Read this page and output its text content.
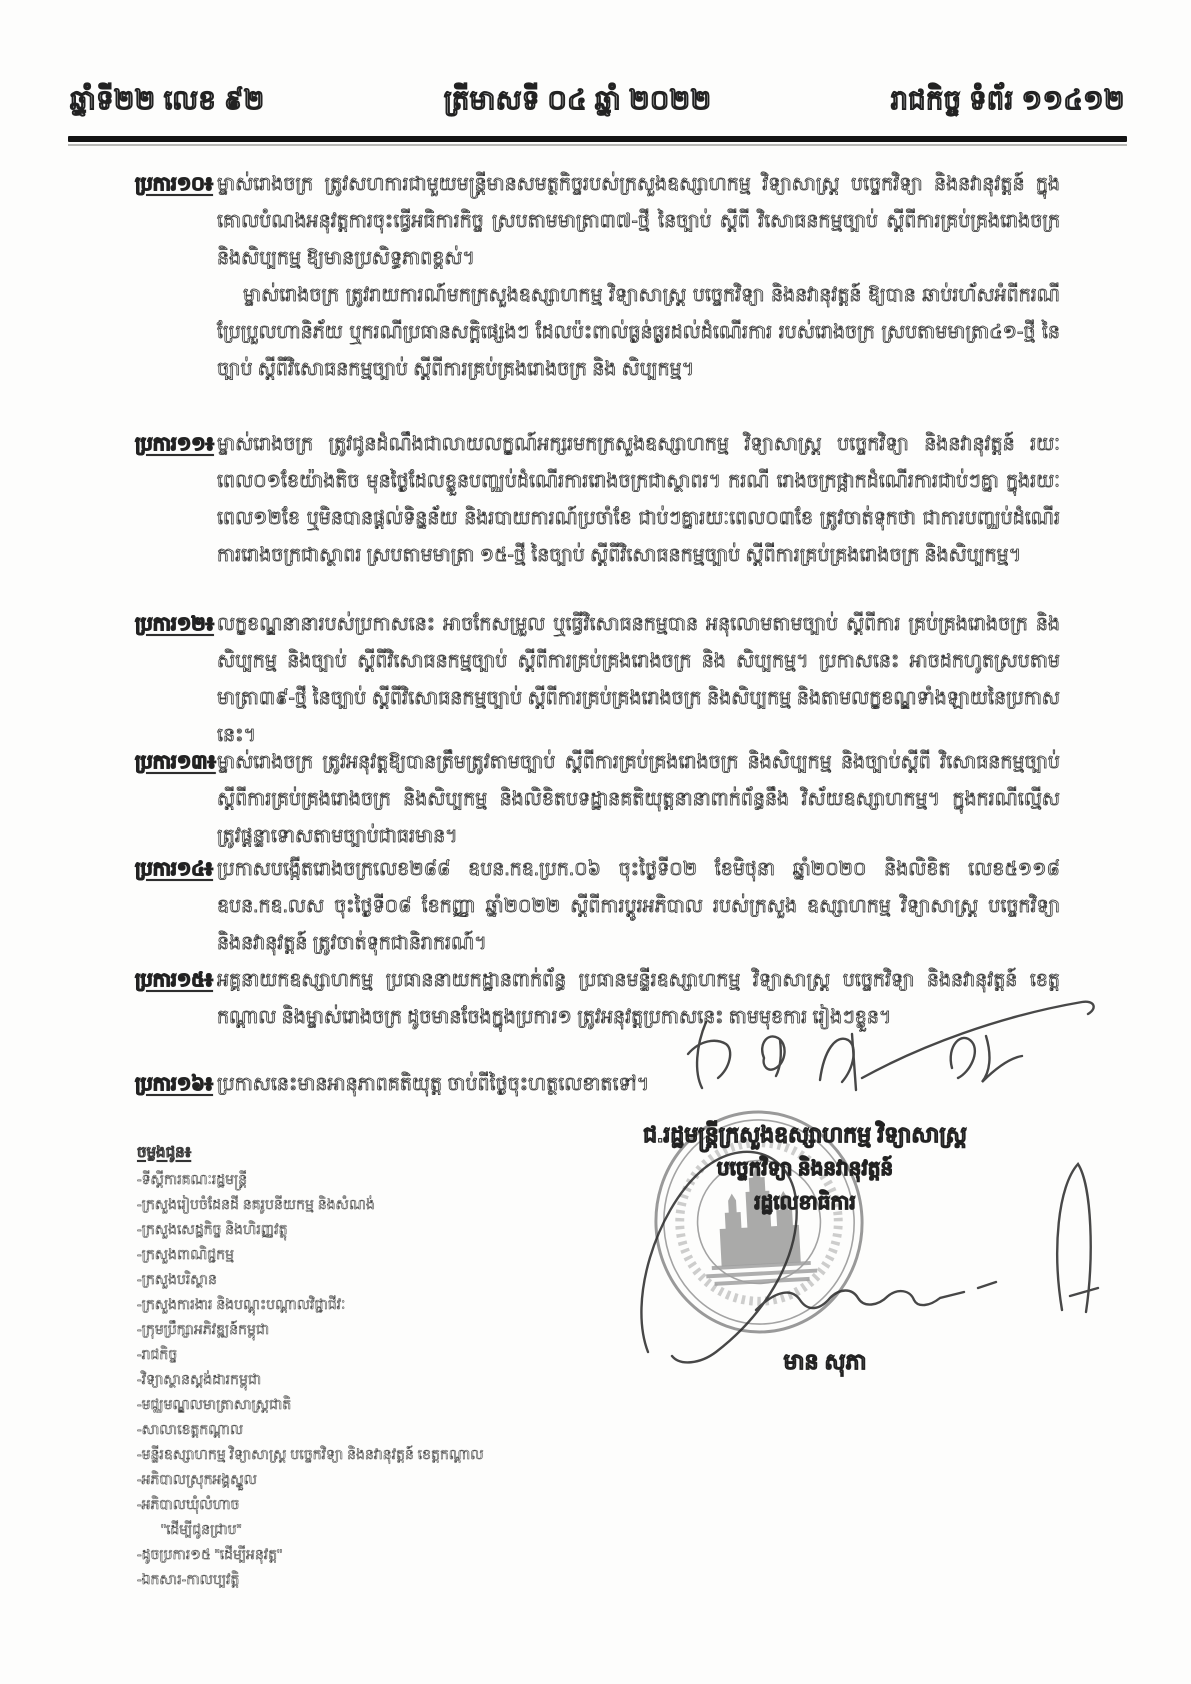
ឆ្នាំទី២២ លេខ ៩២	ត្រីមាសទី ០៤ ឆ្នាំ ២០២២	រាជកិច្ច ទំព័រ ១១៤១២
ប្រការ១០៖ ម្ចាស់រោងចក្រ ត្រូវសហការជាមួយមន្ត្រីមានសមត្ថកិច្ចរបស់ក្រសួងឧស្សាហកម្ម វិទ្យាសាស្ត្រ បច្ចេកវិទ្យា និងនវានុវត្តន៍ ក្នុងគោលបំណងអនុវត្តការចុះធ្វើអធិការកិច្ច ស្របតាមមាត្រា៣៧-ថ្មី នៃច្បាប់ ស្ដីពី វិសោធនកម្មច្បាប់ ស្ដីពីការគ្រប់គ្រងរោងចក្រ និងសិប្បកម្ម ឱ្យមានប្រសិទ្ធភាពខ្ពស់។

ម្ចាស់រោងចក្រ ត្រូវរាយការណ៍មកក្រសួងឧស្សាហកម្ម វិទ្យាសាស្ត្រ បច្ចេកវិទ្យា និងនវានុវត្តន៍ ឱ្យបាន ឆាប់រហ័សអំពីករណីប្រែប្រួលហានិភ័យ ឬករណីប្រធានសក្តិផ្សេងៗ ដែលប៉ះពាល់ធ្ងន់ធ្ងរដល់ដំណើរការ របស់រោងចក្រ ស្របតាមមាត្រា៤១-ថ្មី នៃច្បាប់ ស្ដីពីវិសោធនកម្មច្បាប់ ស្ដីពីការគ្រប់គ្រងរោងចក្រ និង សិប្បកម្ម។

ប្រការ១១៖ ម្ចាស់រោងចក្រ ត្រូវជូនដំណឹងជាលាយលក្ខណ៍អក្សរមកក្រសួងឧស្សាហកម្ម វិទ្យាសាស្ត្រ បច្ចេកវិទ្យា និងនវានុវត្តន៍ រយៈពេល០១ខែយ៉ាងតិច មុនថ្ងៃដែលខ្លួនបញ្ឈប់ដំណើរការរោងចក្រជាស្ថាពរ។ ករណី រោងចក្រផ្អាកដំណើរការជាប់ៗគ្នា ក្នុងរយៈពេល១២ខែ ឬមិនបានផ្តល់ទិន្នន័យ និងរបាយការណ៍ប្រចាំខែ ជាប់ៗគ្នារយៈពេល០៣ខែ ត្រូវចាត់ទុកថា ជាការបញ្ឈប់ដំណើរការរោងចក្រជាស្ថាពរ ស្របតាមមាត្រា ១៥-ថ្មី នៃច្បាប់ ស្ដីពីវិសោធនកម្មច្បាប់ ស្ដីពីការគ្រប់គ្រងរោងចក្រ និងសិប្បកម្ម។

ប្រការ១២៖ លក្ខខណ្ឌនានារបស់ប្រកាសនេះ អាចកែសម្រួល ឬធ្វើវិសោធនកម្មបាន អនុលោមតាមច្បាប់ ស្ដីពីការ គ្រប់គ្រងរោងចក្រ និងសិប្បកម្ម និងច្បាប់ ស្ដីពីវិសោធនកម្មច្បាប់ ស្ដីពីការគ្រប់គ្រងរោងចក្រ និង សិប្បកម្ម។ ប្រកាសនេះ អាចដកហូតស្របតាមមាត្រា៣៩-ថ្មី នៃច្បាប់ ស្ដីពីវិសោធនកម្មច្បាប់ ស្ដីពីការគ្រប់គ្រងរោងចក្រ និងសិប្បកម្ម និងតាមលក្ខខណ្ឌទាំងឡាយនៃប្រកាសនេះ។

ប្រការ១៣៖ ម្ចាស់រោងចក្រ ត្រូវអនុវត្តឱ្យបានត្រឹមត្រូវតាមច្បាប់ ស្ដីពីការគ្រប់គ្រងរោងចក្រ និងសិប្បកម្ម និងច្បាប់ស្ដីពី វិសោធនកម្មច្បាប់ ស្ដីពីការគ្រប់គ្រងរោងចក្រ និងសិប្បកម្ម និងលិខិតបទដ្ឋានគតិយុត្តនានាពាក់ព័ន្ធនឹង វិស័យឧស្សាហកម្ម។ ក្នុងករណីល្មើស ត្រូវផ្តន្ទាទោសតាមច្បាប់ជាធរមាន។

ប្រការ១៤៖ ប្រកាសបង្កើតរោងចក្រលេខ២៨៨ ឧបន.កឧ.ប្រក.០៦ ចុះថ្ងៃទី០២ ខែមិថុនា ឆ្នាំ២០២០ និងលិខិត លេខ៥១១៨ ឧបន.កឧ.លស ចុះថ្ងៃទី០៨ ខែកញ្ញា ឆ្នាំ២០២២ ស្ដីពីការប្តូរអភិបាល របស់ក្រសួង ឧស្សាហកម្ម វិទ្យាសាស្ត្រ បច្ចេកវិទ្យា និងនវានុវត្តន៍ ត្រូវចាត់ទុកជានិរាករណ៍។

ប្រការ១៥៖ អគ្គនាយកឧស្សាហកម្ម ប្រធាននាយកដ្ឋានពាក់ព័ន្ធ ប្រធានមន្ទីរឧស្សាហកម្ម វិទ្យាសាស្ត្រ បច្ចេកវិទ្យា និងនវានុវត្តន៍ ខេត្តកណ្ដាល និងម្ចាស់រោងចក្រ ដូចមានចែងក្នុងប្រការ១ ត្រូវអនុវត្តប្រកាសនេះ តាមមុខការ រៀងៗខ្លួន។

ប្រការ១៦៖ ប្រកាសនេះមានអានុភាពគតិយុត្ត ចាប់ពីថ្ងៃចុះហត្ថលេខាតទៅ។

ជ.រដ្ឋមន្ត្រីក្រសួងឧស្សាហកម្ម វិទ្យាសាស្ត្រ
បច្ចេកវិទ្យា និងនវានុវត្តន៍
រដ្ឋលេខាធិការ
មាន សុភា
ចម្លងជូន៖
-ទីស្ដីការគណៈរដ្ឋមន្ត្រី
-ក្រសួងរៀបចំដែនដី នគរូបនីយកម្ម និងសំណង់
-ក្រសួងសេដ្ឋកិច្ច និងហិរញ្ញវត្ថុ
-ក្រសួងពាណិជ្ជកម្ម
-ក្រសួងបរិស្ថាន
-ក្រសួងការងារ និងបណ្ដុះបណ្ដាលវិជ្ជាជីវៈ
-ក្រុមប្រឹក្សាអភិវឌ្ឍន៍កម្ពុជា
-រាជកិច្ច
-វិទ្យាស្ថានស្តង់ដារកម្ពុជា
-មជ្ឈមណ្ឌលមាត្រាសាស្ត្រជាតិ
-សាលាខេត្តកណ្ដាល
-មន្ទីរឧស្សាហកម្ម វិទ្យាសាស្ត្រ បច្ចេកវិទ្យា និងនវានុវត្តន៍ ខេត្តកណ្ដាល
-អភិបាលស្រុកអង្គស្នួល
-អភិបាលឃុំលំហាច
"ដើម្បីជូនជ្រាប"
-ដូចប្រការ១៥ "ដើម្បីអនុវត្ត"
-ឯកសារ-កាលប្បវត្តិ
